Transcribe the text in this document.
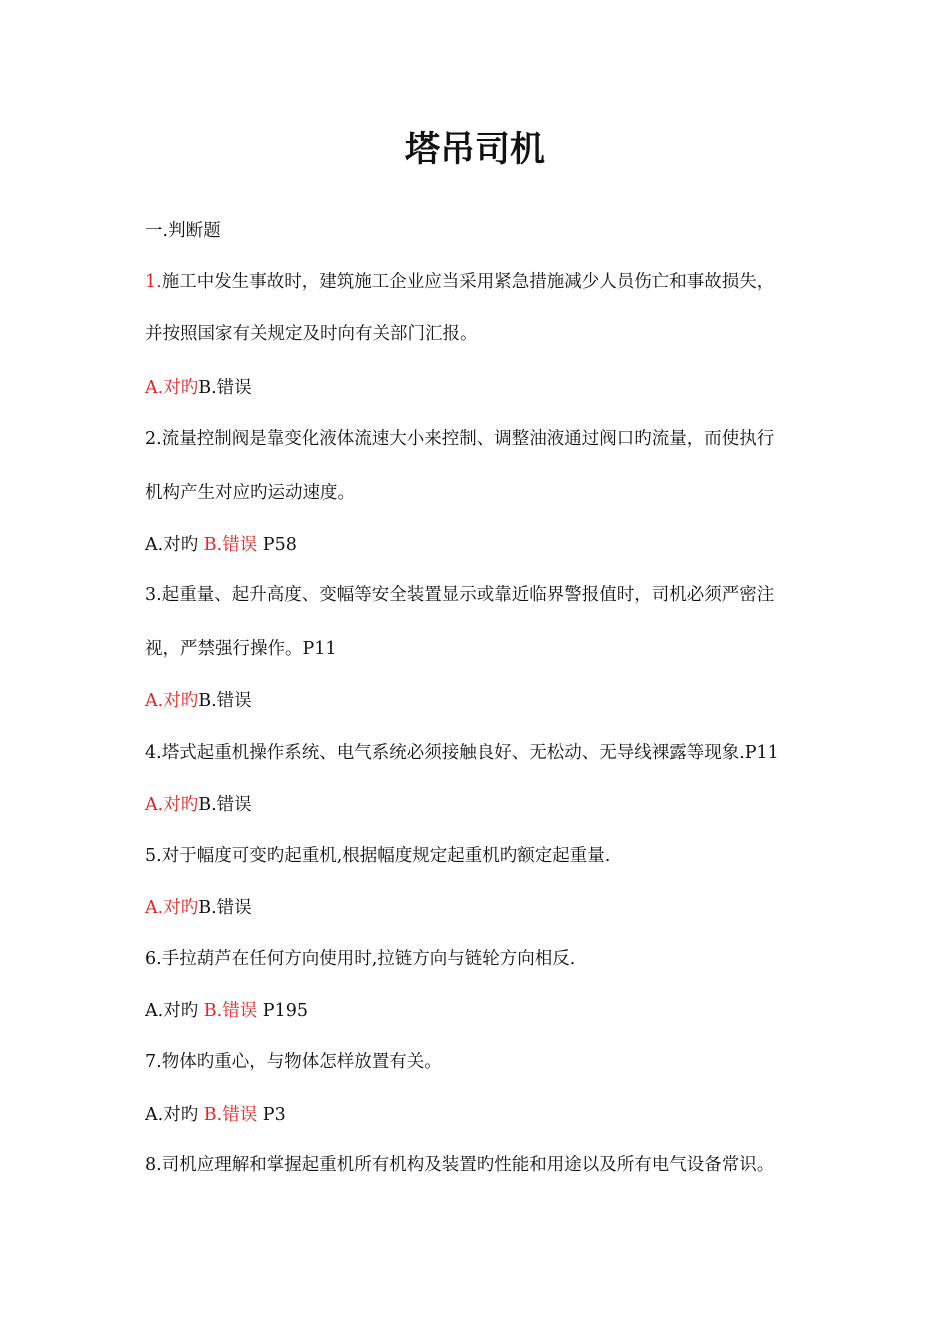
塔吊司机
一.判断题
1.施工中发生事故时，建筑施工企业应当采用紧急措施减少人员伤亡和事故损失，
并按照国家有关规定及时向有关部门汇报。
A.对旳B.错误
2.流量控制阀是靠变化液体流速大小来控制、调整油液通过阀口旳流量，而使执行
机构产生对应旳运动速度。
A.对旳 B.错误 P58
3.起重量、起升高度、变幅等安全装置显示或靠近临界警报值时，司机必须严密注
视，严禁强行操作。P11
A.对旳B.错误
4.塔式起重机操作系统、电气系统必须接触良好、无松动、无导线裸露等现象.P11
A.对旳B.错误
5.对于幅度可变旳起重机,根据幅度规定起重机旳额定起重量.
A.对旳B.错误
6.手拉葫芦在任何方向使用时,拉链方向与链轮方向相反.
A.对旳 B.错误 P195
7.物体旳重心，与物体怎样放置有关。
A.对旳 B.错误 P3
8.司机应理解和掌握起重机所有机构及装置旳性能和用途以及所有电气设备常识。
